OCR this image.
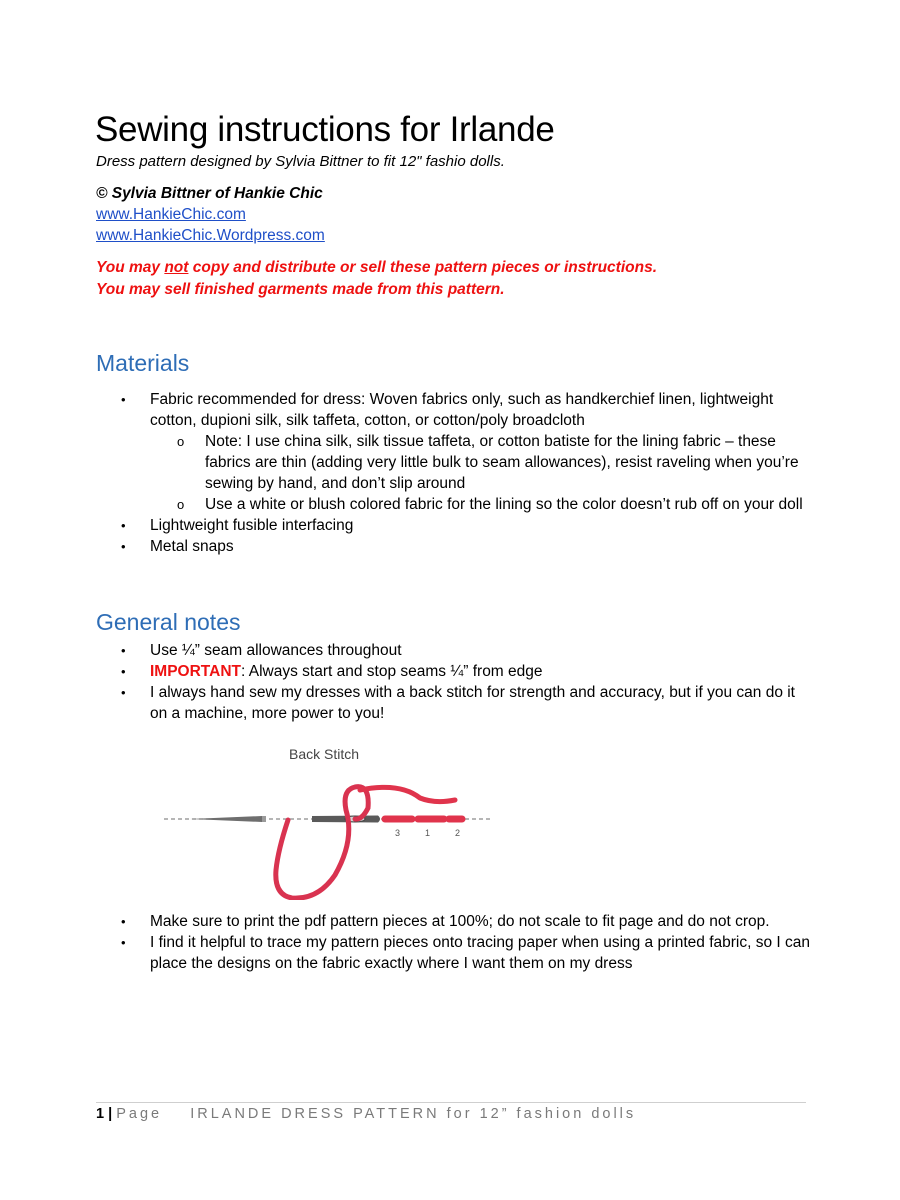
Sewing instructions for Irlande
Dress pattern designed by Sylvia Bittner to fit 12" fashio dolls.
© Sylvia Bittner of Hankie Chic
www.HankieChic.com
www.HankieChic.Wordpress.com
You may not copy and distribute or sell these pattern pieces or instructions.
You may sell finished garments made from this pattern.
Materials
• Fabric recommended for dress: Woven fabrics only, such as handkerchief linen, lightweight cotton, dupioni silk, silk taffeta, cotton, or cotton/poly broadcloth
o Note: I use china silk, silk tissue taffeta, or cotton batiste for the lining fabric – these fabrics are thin (adding very little bulk to seam allowances), resist raveling when you’re sewing by hand, and don’t slip around
o Use a white or blush colored fabric for the lining so the color doesn’t rub off on your doll
• Lightweight fusible interfacing
• Metal snaps
General notes
• Use ¼” seam allowances throughout
• IMPORTANT: Always start and stop seams ¼” from edge
• I always hand sew my dresses with a back stitch for strength and accuracy, but if you can do it on a machine, more power to you!
Back Stitch
3	1	2
• Make sure to print the pdf pattern pieces at 100%; do not scale to fit page and do not crop.
• I find it helpful to trace my pattern pieces onto tracing paper when using a printed fabric, so I can place the designs on the fabric exactly where I want them on my dress
1 | Page IRLANDE DRESS PATTERN for 12” fashion dolls
